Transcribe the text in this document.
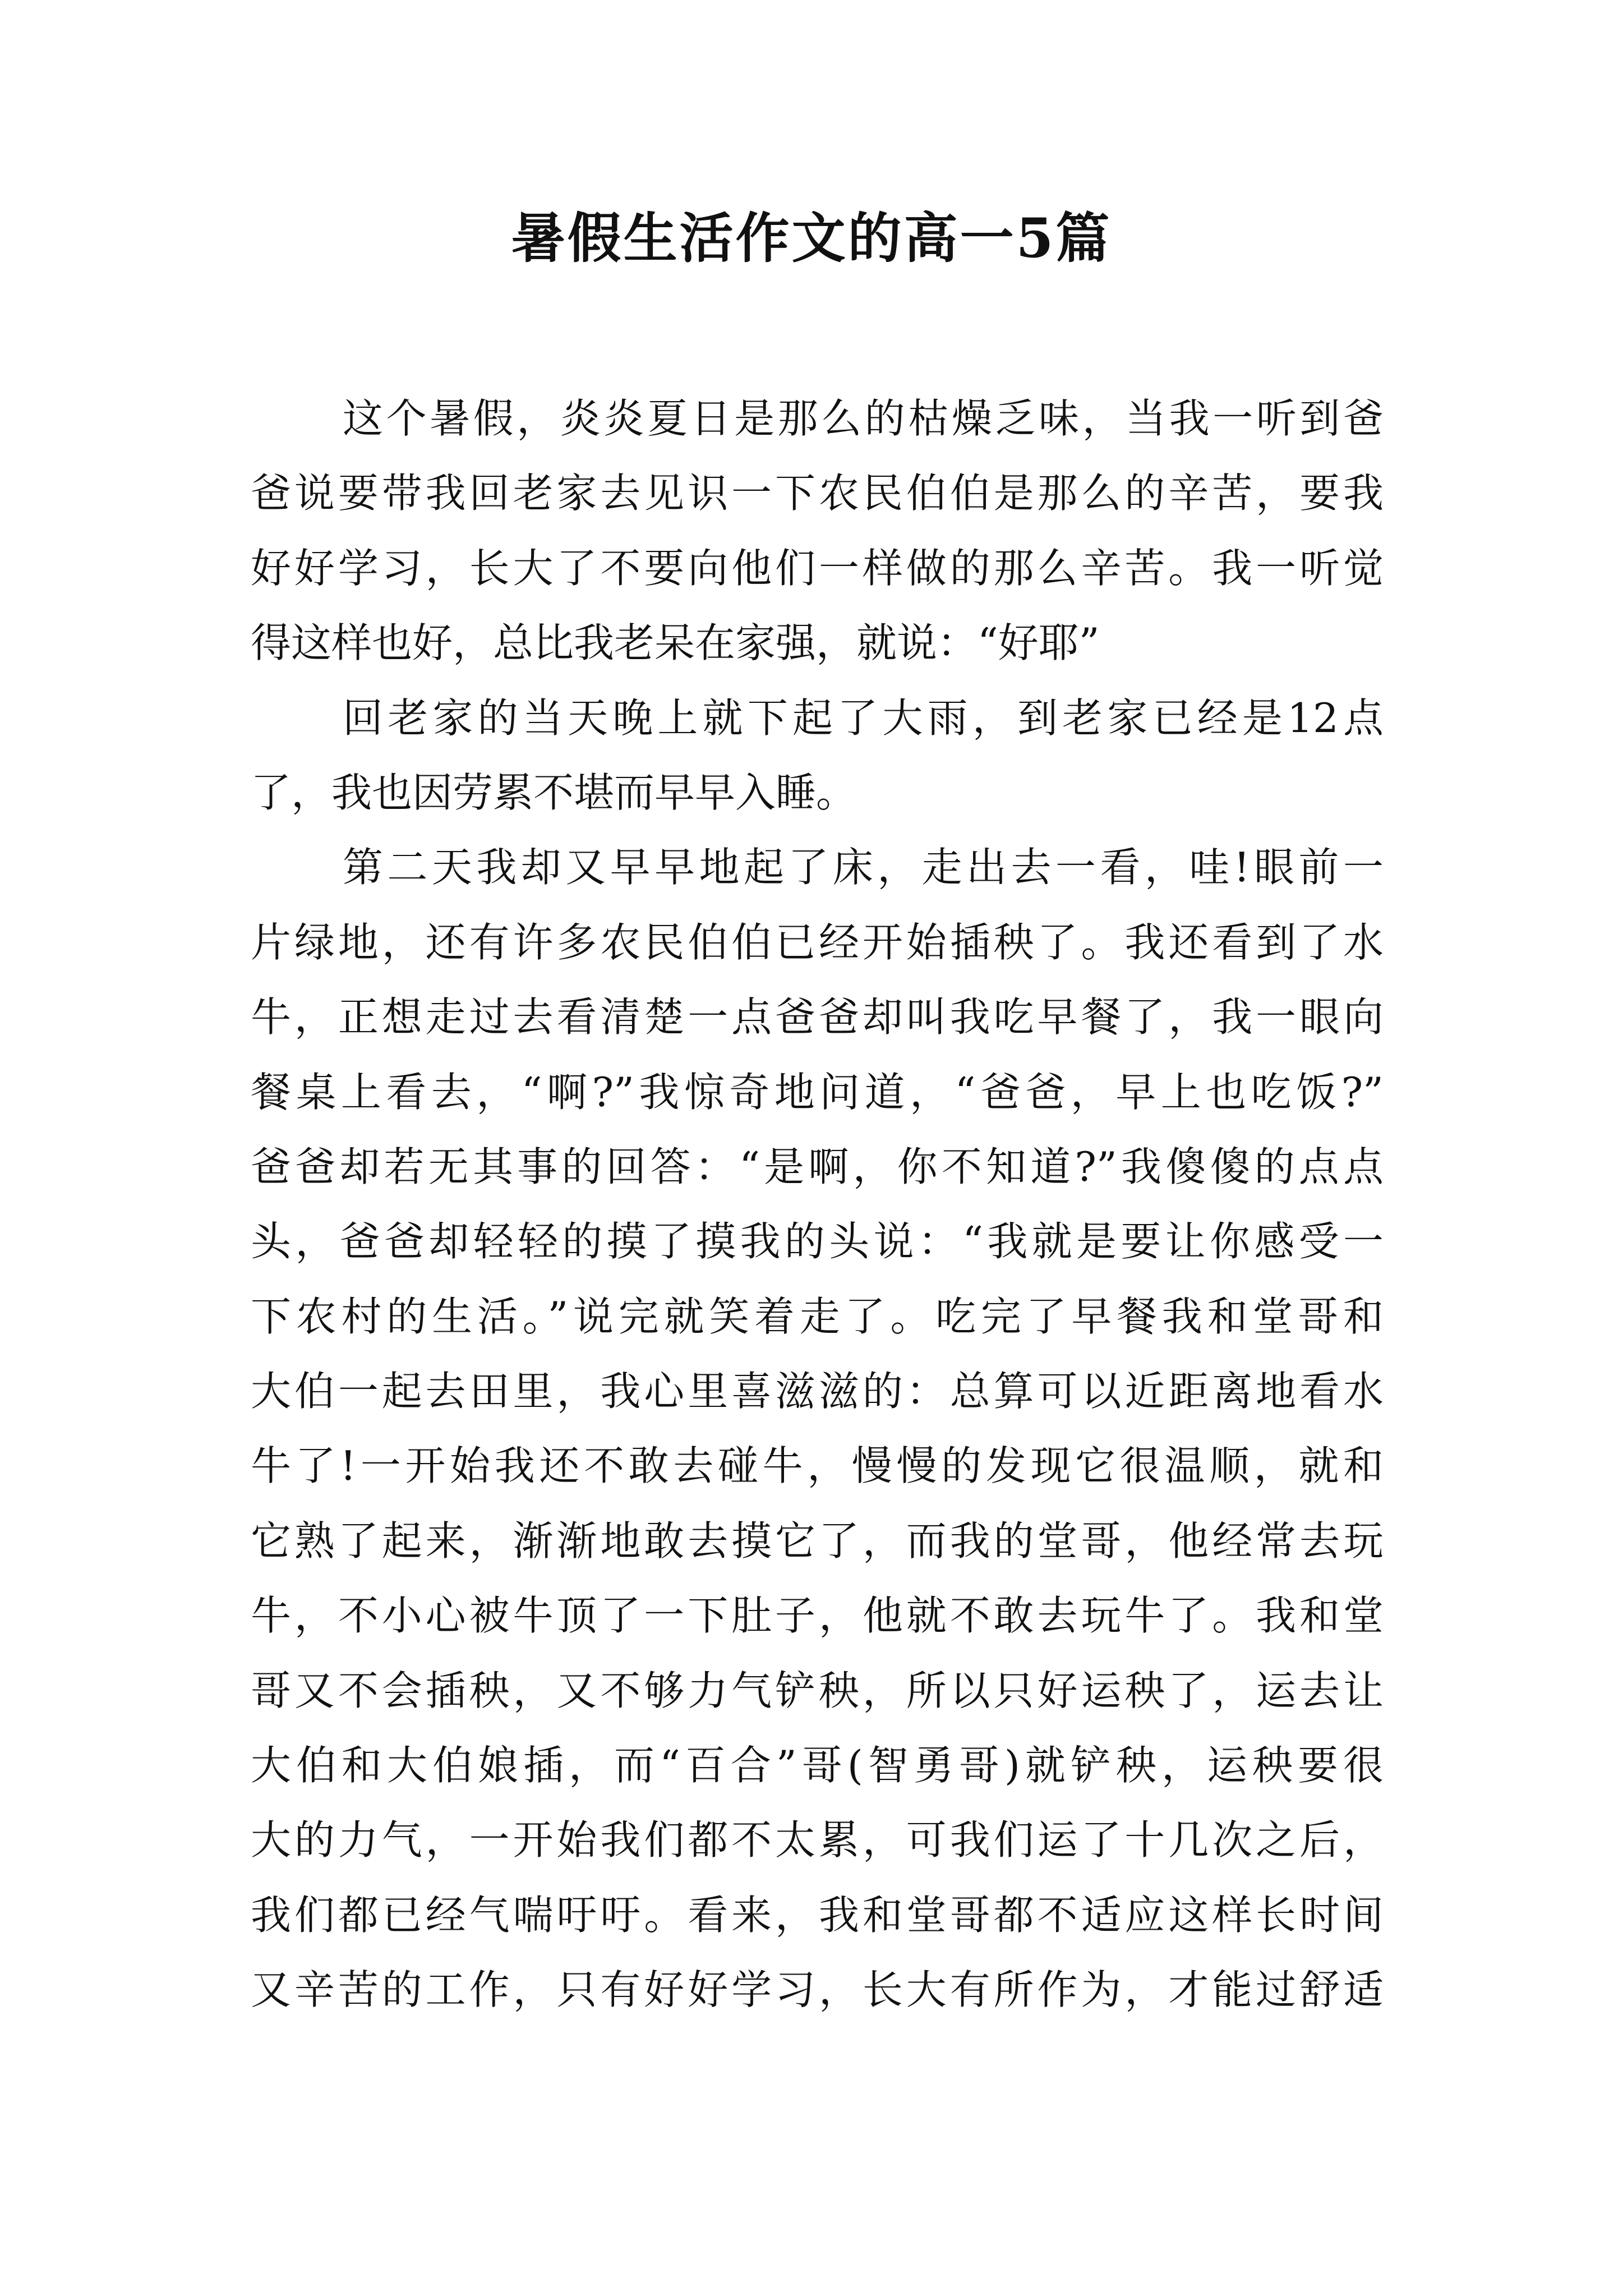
暑假生活作文的高一5篇

这个暑假，炎炎夏日是那么的枯燥乏味，当我一听到爸

爸说要带我回老家去见识一下农民伯伯是那么的辛苦，要我

好好学习，长大了不要向他们一样做的那么辛苦。我一听觉

得这样也好，总比我老呆在家强，就说：“好耶”

回老家的当天晚上就下起了大雨，到老家已经是12点

了，我也因劳累不堪而早早入睡。

第二天我却又早早地起了床，走出去一看，哇!眼前一

片绿地，还有许多农民伯伯已经开始插秧了。我还看到了水

牛，正想走过去看清楚一点爸爸却叫我吃早餐了，我一眼向

餐桌上看去，“啊?”我惊奇地问道，“爸爸，早上也吃饭?”

爸爸却若无其事的回答：“是啊，你不知道?”我傻傻的点点

头，爸爸却轻轻的摸了摸我的头说：“我就是要让你感受一

下农村的生活。”说完就笑着走了。吃完了早餐我和堂哥和

大伯一起去田里，我心里喜滋滋的：总算可以近距离地看水

牛了!一开始我还不敢去碰牛，慢慢的发现它很温顺，就和

它熟了起来，渐渐地敢去摸它了，而我的堂哥，他经常去玩

牛，不小心被牛顶了一下肚子，他就不敢去玩牛了。我和堂

哥又不会插秧，又不够力气铲秧，所以只好运秧了，运去让

大伯和大伯娘插，而“百合”哥(智勇哥)就铲秧，运秧要很

大的力气，一开始我们都不太累，可我们运了十几次之后，

我们都已经气喘吁吁。看来，我和堂哥都不适应这样长时间

又辛苦的工作，只有好好学习，长大有所作为，才能过舒适
